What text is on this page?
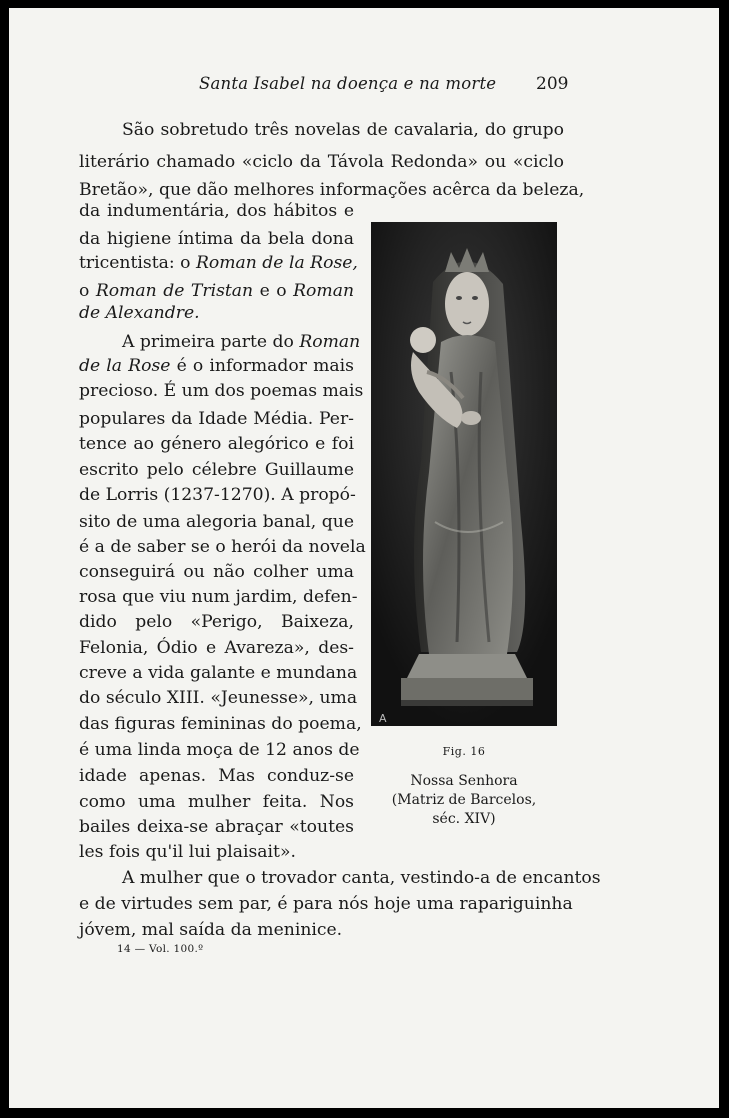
Santa Isabel na doença e na morte 209
São sobretudo três novelas de cavalaria, do grupo
literário chamado «ciclo da Távola Redonda» ou «ciclo
Bretão», que dão melhores informações acêrca da beleza,
da indumentária, dos hábitos e
da higiene íntima da bela dona
tricentista: o Roman de la Rose,
o Roman de Tristan e o Roman
de Alexandre.
A primeira parte do Roman
de la Rose é o informador mais
precioso. É um dos poemas mais
populares da Idade Média. Per-
tence ao género alegórico e foi
escrito pelo célebre Guillaume
de Lorris (1237-1270). A propó-
sito de uma alegoria banal, que
é a de saber se o herói da novela
conseguirá ou não colher uma
rosa que viu num jardim, defen-
dido pelo «Perigo, Baixeza,
Felonia, Ódio e Avareza», des-
creve a vida galante e mundana
do século XIII. «Jeunesse», uma
das figuras femininas do poema,
é uma linda moça de 12 anos de
idade apenas. Mas conduz-se
como uma mulher feita. Nos
bailes deixa-se abraçar «toutes
les fois qu'il lui plaisait».
A mulher que o trovador canta, vestindo-a de encantos
e de virtudes sem par, é para nós hoje uma rapariguinha
jóvem, mal saída da meninice.
A
Fig. 16
Nossa Senhora
(Matriz de Barcelos,
séc. XIV)
14 — Vol. 100.º
